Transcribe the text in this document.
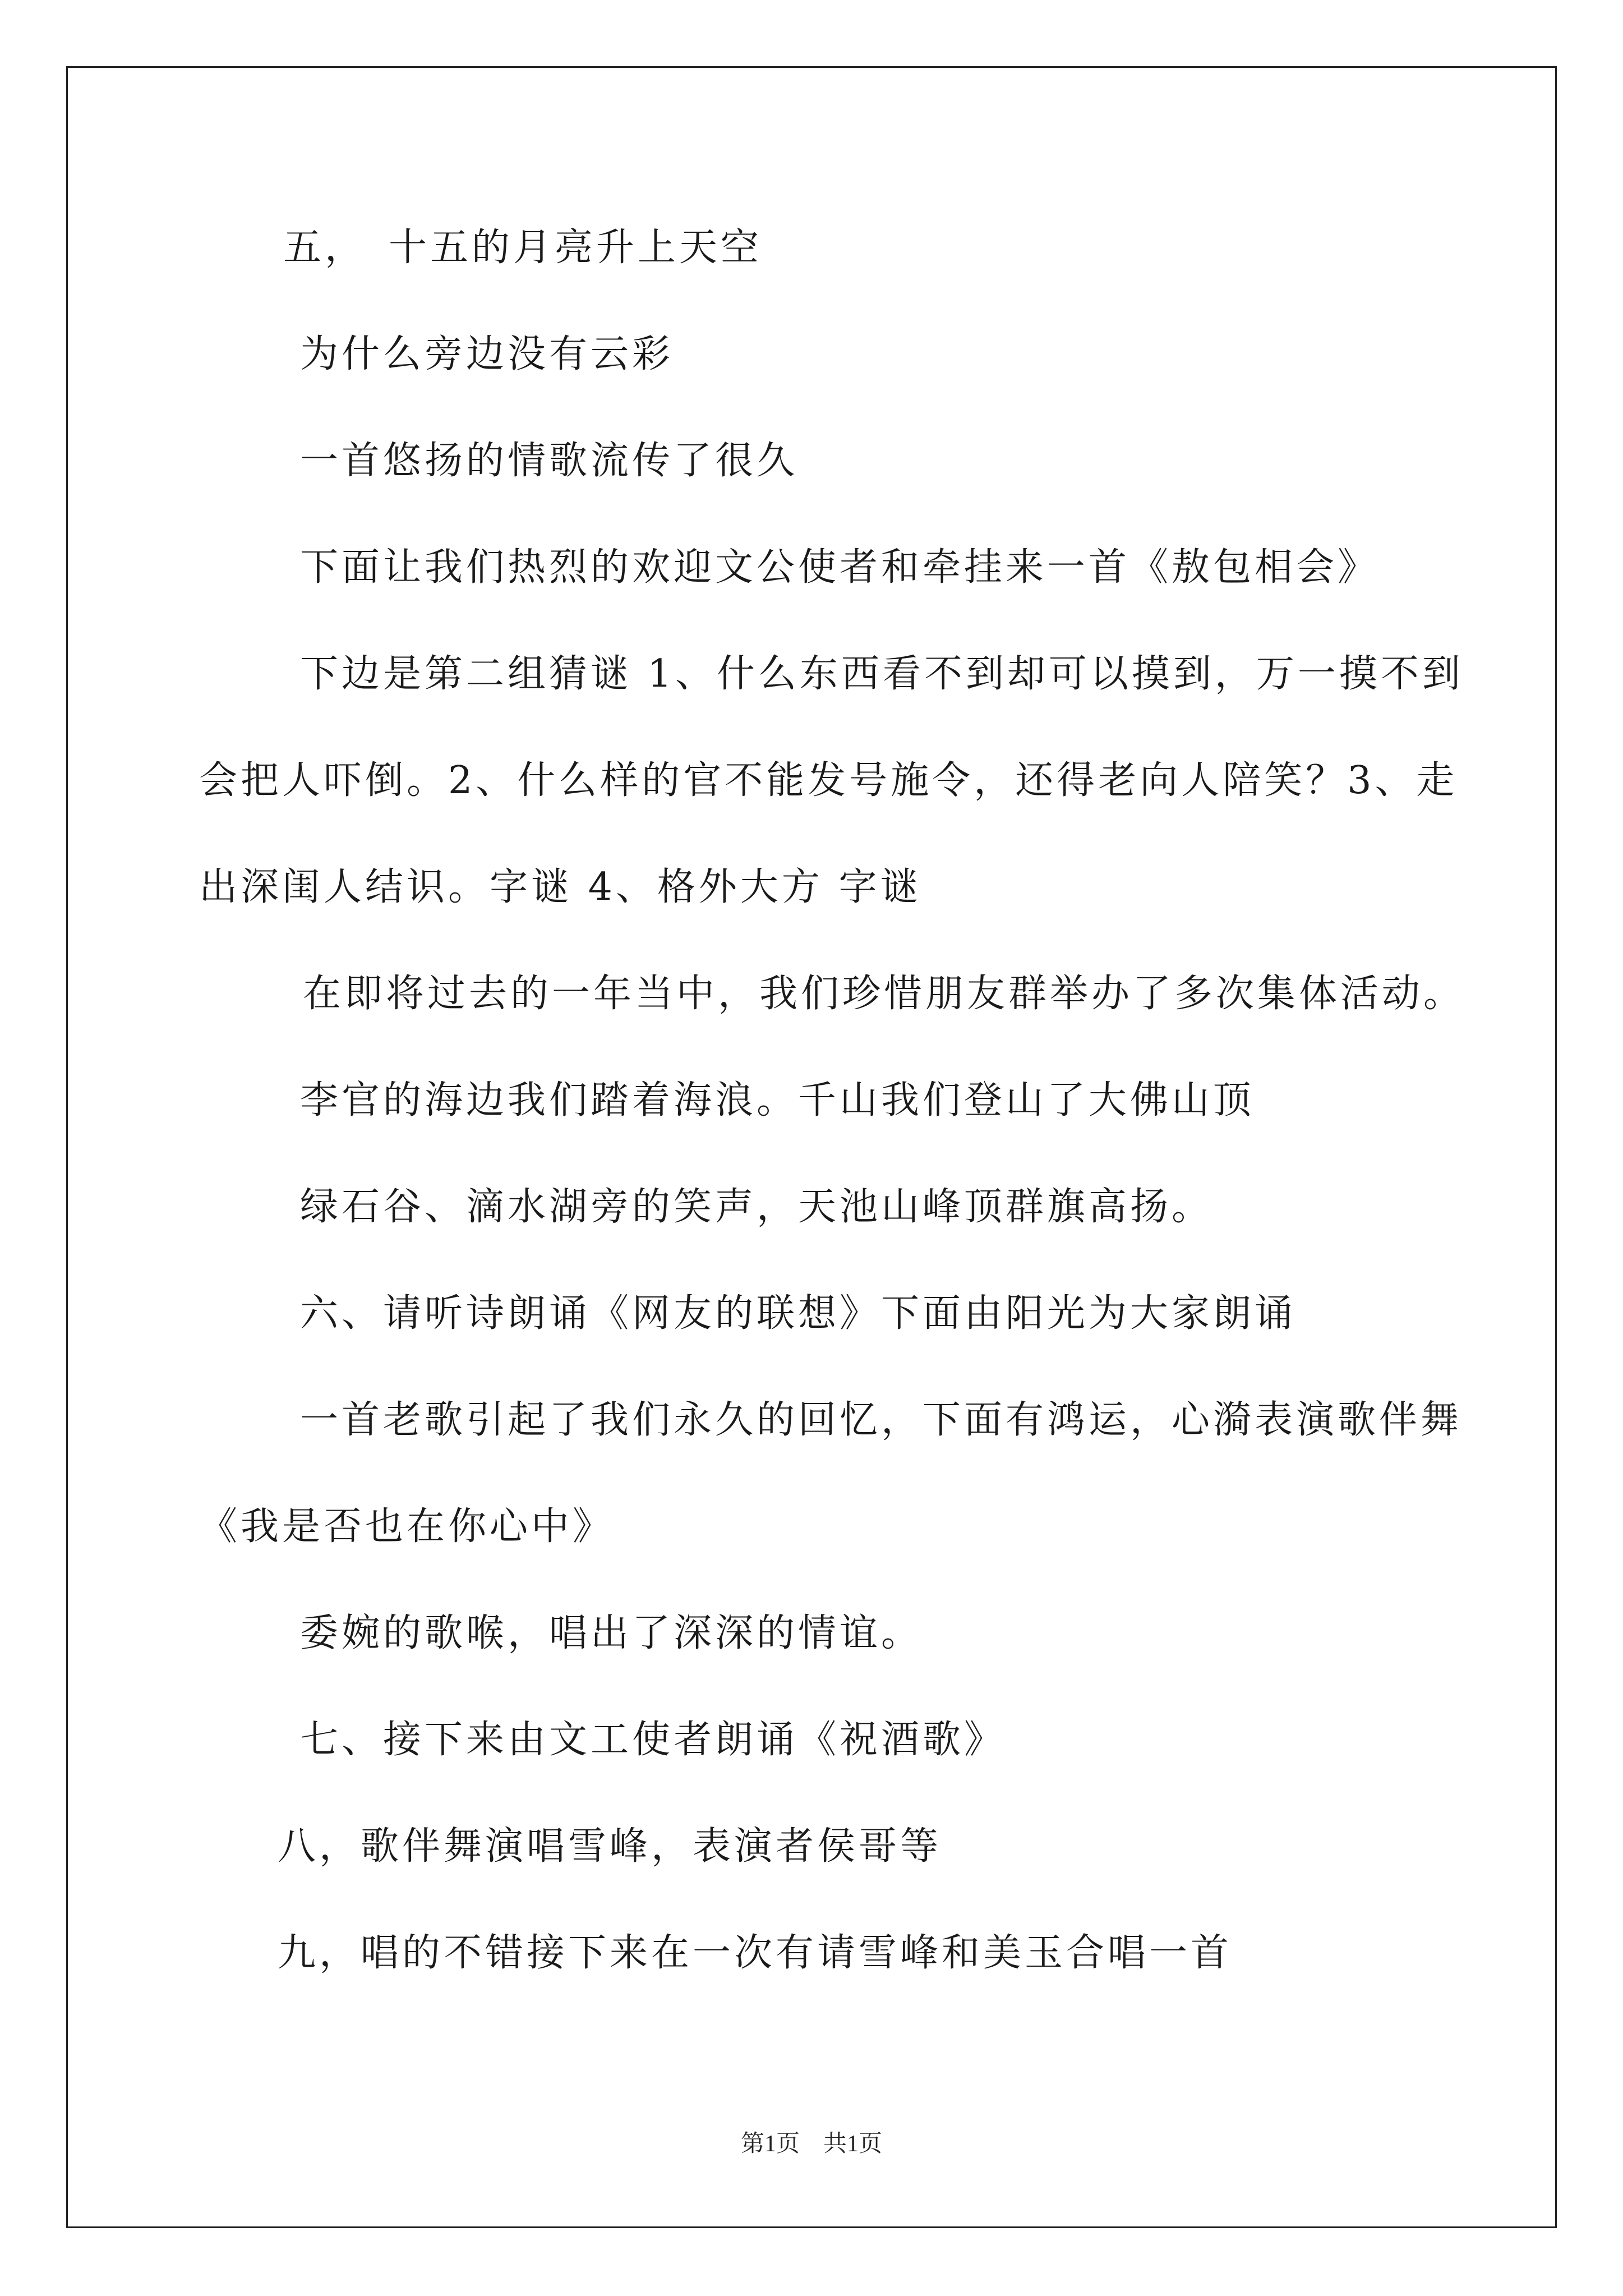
五，　十五的月亮升上天空
为什么旁边没有云彩
一首悠扬的情歌流传了很久
下面让我们热烈的欢迎文公使者和牵挂来一首《敖包相会》
下边是第二组猜谜 1、什么东西看不到却可以摸到，万一摸不到
会把人吓倒。2、什么样的官不能发号施令，还得老向人陪笑？3、走
出深闺人结识。字谜 4、格外大方 字谜
在即将过去的一年当中，我们珍惜朋友群举办了多次集体活动。
李官的海边我们踏着海浪。千山我们登山了大佛山顶
绿石谷、滴水湖旁的笑声，天池山峰顶群旗高扬。
六、请听诗朗诵《网友的联想》下面由阳光为大家朗诵
一首老歌引起了我们永久的回忆，下面有鸿运，心漪表演歌伴舞
《我是否也在你心中》
委婉的歌喉，唱出了深深的情谊。
七、接下来由文工使者朗诵《祝酒歌》
八，歌伴舞演唱雪峰，表演者侯哥等
九，唱的不错接下来在一次有请雪峰和美玉合唱一首
第1页　共1页
